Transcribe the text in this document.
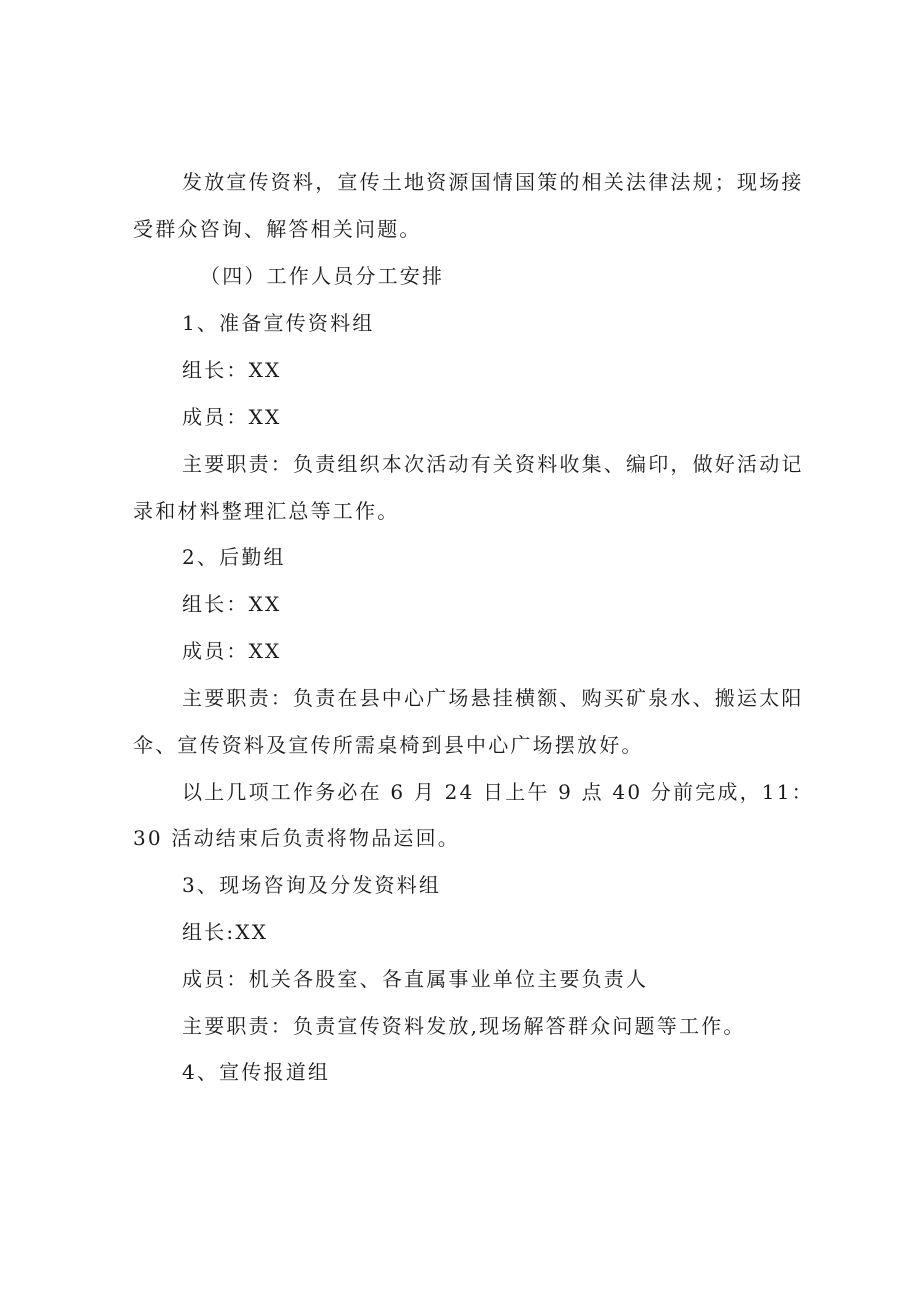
发放宣传资料，宣传土地资源国情国策的相关法律法规；现场接
受群众咨询、解答相关问题。
（四）工作人员分工安排
1、准备宣传资料组
组长：XX
成员：XX
主要职责：负责组织本次活动有关资料收集、编印，做好活动记
录和材料整理汇总等工作。
2、后勤组
组长：XX
成员：XX
主要职责：负责在县中心广场悬挂横额、购买矿泉水、搬运太阳
伞、宣传资料及宣传所需桌椅到县中心广场摆放好。
以上几项工作务必在 6 月 24 日上午 9 点 40 分前完成，11：
30 活动结束后负责将物品运回。
3、现场咨询及分发资料组
组长:XX
成员：机关各股室、各直属事业单位主要负责人
主要职责：负责宣传资料发放,现场解答群众问题等工作。
4、宣传报道组
